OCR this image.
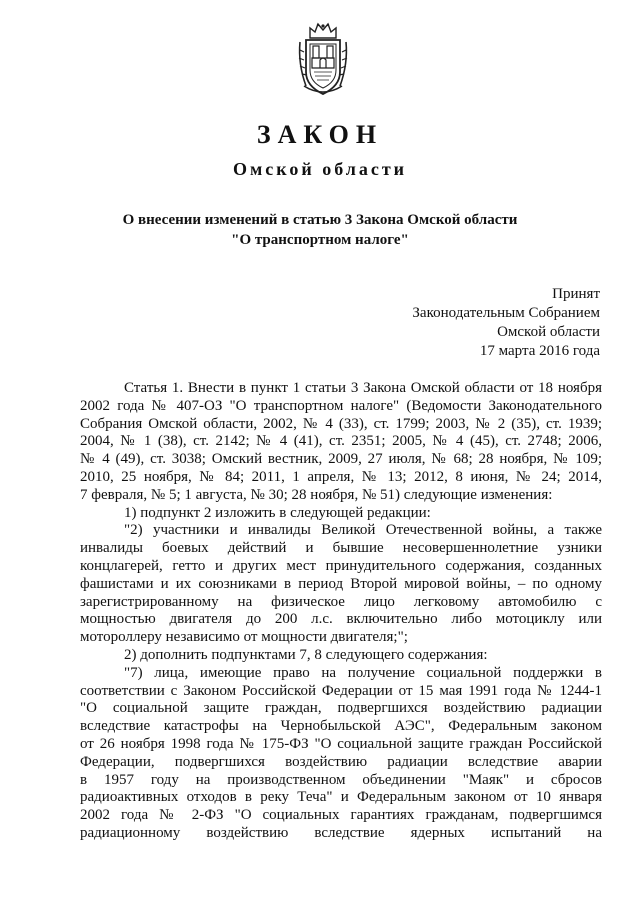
ЗАКОН
Омской области
О внесении изменений в статью 3 Закона Омской области
"О транспортном налоге"
Принят
Законодательным Собранием
Омской области
17 марта 2016 года

Статья 1. Внести в пункт 1 статьи 3 Закона Омской области от 18 ноября

2002 года № 407-ОЗ "О транспортном налоге" (Ведомости Законодательного

Собрания Омской области, 2002, № 4 (33), ст. 1799; 2003, № 2 (35), ст. 1939;

2004, № 1 (38), ст. 2142; № 4 (41), ст. 2351; 2005, № 4 (45), ст. 2748; 2006,

№ 4 (49), ст. 3038; Омский вестник, 2009, 27 июля, № 68; 28 ноября, № 109;

2010, 25 ноября, № 84; 2011, 1 апреля, № 13; 2012, 8 июня, № 24; 2014,

7 февраля, № 5; 1 августа, № 30; 28 ноября, № 51) следующие изменения:

1) подпункт 2 изложить в следующей редакции:

"2) участники и инвалиды Великой Отечественной войны, а также

инвалиды боевых действий и бывшие несовершеннолетние узники

концлагерей, гетто и других мест принудительного содержания, созданных

фашистами и их союзниками в период Второй мировой войны, – по одному

зарегистрированному на физическое лицо легковому автомобилю с

мощностью двигателя до 200 л.с. включительно либо мотоциклу или

мотороллеру независимо от мощности двигателя;";

2) дополнить подпунктами 7, 8 следующего содержания:

"7) лица, имеющие право на получение социальной поддержки в

соответствии с Законом Российской Федерации от 15 мая 1991 года № 1244-1

"О социальной защите граждан, подвергшихся воздействию радиации

вследствие катастрофы на Чернобыльской АЭС", Федеральным законом

от 26 ноября 1998 года № 175-ФЗ "О социальной защите граждан Российской

Федерации, подвергшихся воздействию радиации вследствие аварии

в 1957 году на производственном объединении "Маяк" и сбросов

радиоактивных отходов в реку Теча" и Федеральным законом от 10 января

2002 года № 2-ФЗ "О социальных гарантиях гражданам, подвергшимся

радиационному воздействию вследствие ядерных испытаний на
